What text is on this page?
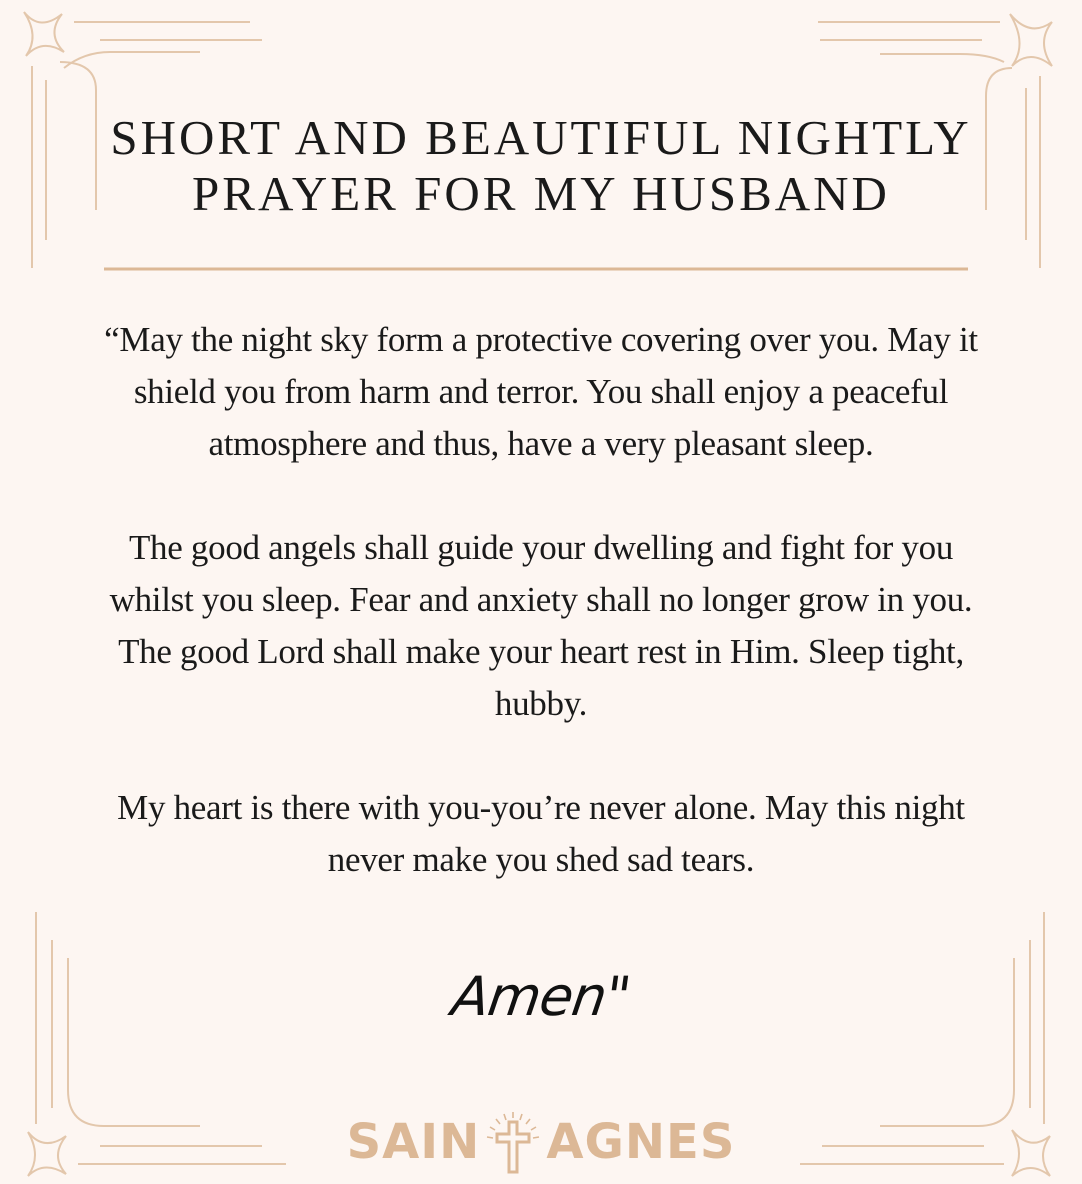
SHORT AND BEAUTIFUL NIGHTLY
PRAYER FOR MY HUSBAND

“May the night sky form a protective covering over you. May it shield you from harm and terror. You shall enjoy a peaceful atmosphere and thus, have a very pleasant sleep.

The good angels shall guide your dwelling and fight for you whilst you sleep. Fear and anxiety shall no longer grow in you. The good Lord shall make your heart rest in Him. Sleep tight, hubby.

My heart is there with you-you’re never alone. May this night never make you shed sad tears.

Amen"
SAIN AGNES
